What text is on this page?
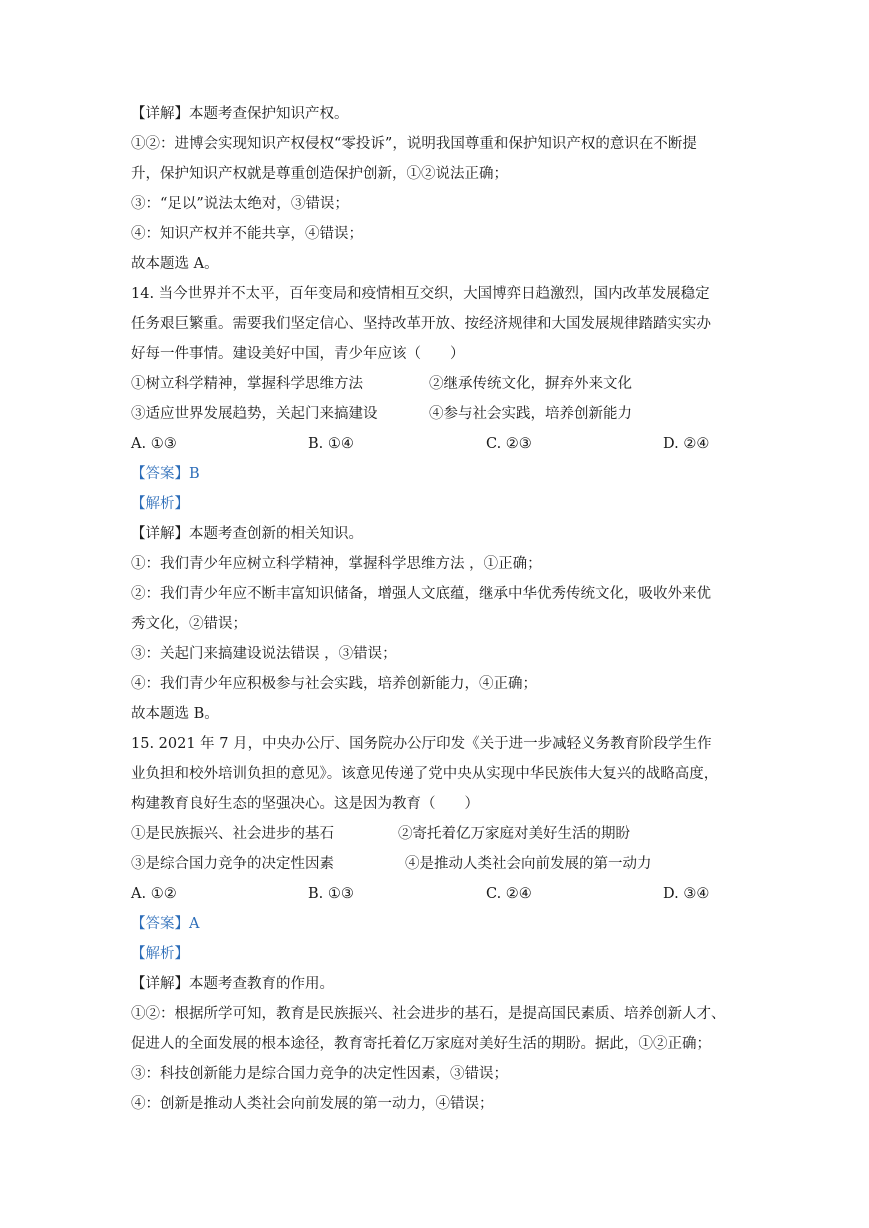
【详解】本题考查保护知识产权。
①②：进博会实现知识产权侵权“零投诉”，说明我国尊重和保护知识产权的意识在不断提
升，保护知识产权就是尊重创造保护创新，①②说法正确；
③：“足以”说法太绝对，③错误；
④：知识产权并不能共享，④错误；
故本题选 A。
14. 当今世界并不太平，百年变局和疫情相互交织，大国博弈日趋激烈，国内改革发展稳定
任务艰巨繁重。需要我们坚定信心、坚持改革开放、按经济规律和大国发展规律踏踏实实办
好每一件事情。建设美好中国，青少年应该（　　）
①树立科学精神，掌握科学思维方法	②继承传统文化，摒弃外来文化
③适应世界发展趋势，关起门来搞建设	④参与社会实践，培养创新能力
A. ①③	B. ①④	C. ②③	D. ②④
【答案】B
【解析】
【详解】本题考查创新的相关知识。
①：我们青少年应树立科学精神，掌握科学思维方法 ，①正确；
②：我们青少年应不断丰富知识储备，增强人文底蕴，继承中华优秀传统文化，吸收外来优
秀文化，②错误；
③：关起门来搞建设说法错误 ，③错误；
④：我们青少年应积极参与社会实践，培养创新能力，④正确；
故本题选 B。
15. 2021 年 7 月，中央办公厅、国务院办公厅印发《关于进一步减轻义务教育阶段学生作
业负担和校外培训负担的意见》。该意见传递了党中央从实现中华民族伟大复兴的战略高度，
构建教育良好生态的坚强决心。这是因为教育（　　）
①是民族振兴、社会进步的基石	②寄托着亿万家庭对美好生活的期盼
③是综合国力竞争的决定性因素	④是推动人类社会向前发展的第一动力
A. ①②	B. ①③	C. ②④	D. ③④
【答案】A
【解析】
【详解】本题考查教育的作用。
①②：根据所学可知，教育是民族振兴、社会进步的基石，是提高国民素质、培养创新人才、
促进人的全面发展的根本途径，教育寄托着亿万家庭对美好生活的期盼。据此，①②正确；
③：科技创新能力是综合国力竞争的决定性因素，③错误；
④：创新是推动人类社会向前发展的第一动力，④错误；
